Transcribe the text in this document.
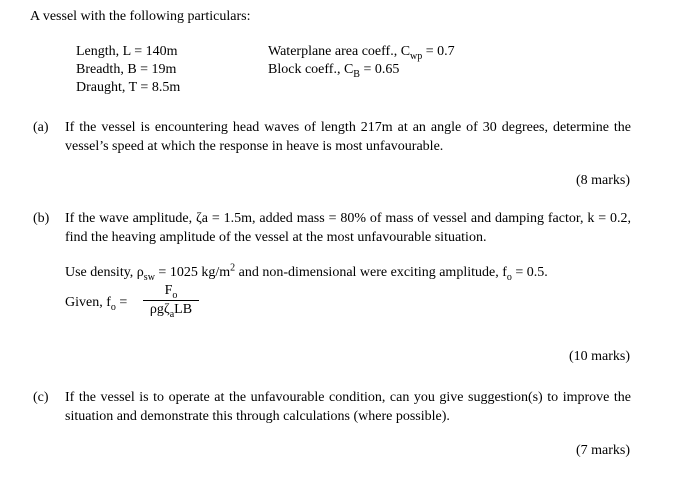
A vessel with the following particulars:
Length, L = 140m
Breadth, B = 19m
Draught, T = 8.5m
Waterplane area coeff., $C_{wp} = 0.7$
Block coeff., $C_B = 0.65$
(a) If the vessel is encountering head waves of length 217m at an angle of 30 degrees, determine the vessel’s speed at which the response in heave is most unfavourable.
(8 marks)
(b) If the wave amplitude, ζa = 1.5m, added mass = 80% of mass of vessel and damping factor, k = 0.2, find the heaving amplitude of the vessel at the most unfavourable situation.
Use density, $\rho_{sw} = 1025$ $kg/m^2$ and non-dimensional were exciting amplitude, $f_o = 0.5$.
Given, $f_o$ =
$F_o$
ρgζ$_a$LB
(10 marks)
(c) If the vessel is to operate at the unfavourable condition, can you give suggestion(s) to improve the situation and demonstrate this through calculations (where possible).
(7 marks)
